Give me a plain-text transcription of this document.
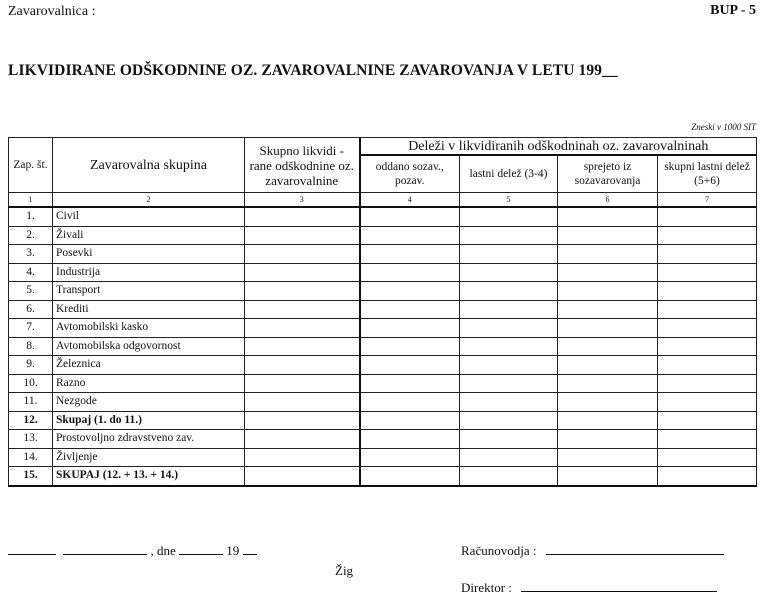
Zavarovalnica :	BUP - 5
LIKVIDIRANE ODŠKODNINE OZ. ZAVAROVALNINE ZAVAROVANJA V LETU 199__
Zneski v 1000 SIT
Zap. št.	Zavarovalna skupina	Skupno likvidi - rane odškodnine oz. zavarovalnine	Deleži v likvidiranih odškodninah oz. zavarovalninah			
			oddano sozav., pozav.	lastni delež (3-4)	sprejeto iz sozavarovanja	skupni lastni delež (5+6)
1	2	3	4	5	6	7
1.	Civil					
2.	Živali					
3.	Posevki					
4.	Industrija					
5.	Transport					
6.	Krediti					
7.	Avtomobilski kasko					
8.	Avtomobilska odgovornost					
9.	Železnica					
10.	Razno					
11.	Nezgode					
12.	Skupaj (1. do 11.)					
13.	Prostovoljno zdravstveno zav.					
14.	Življenje					
15.	SKUPAJ (12. + 13. + 14.)					
, dne	19
Žig
Računovodja :
Direktor :
